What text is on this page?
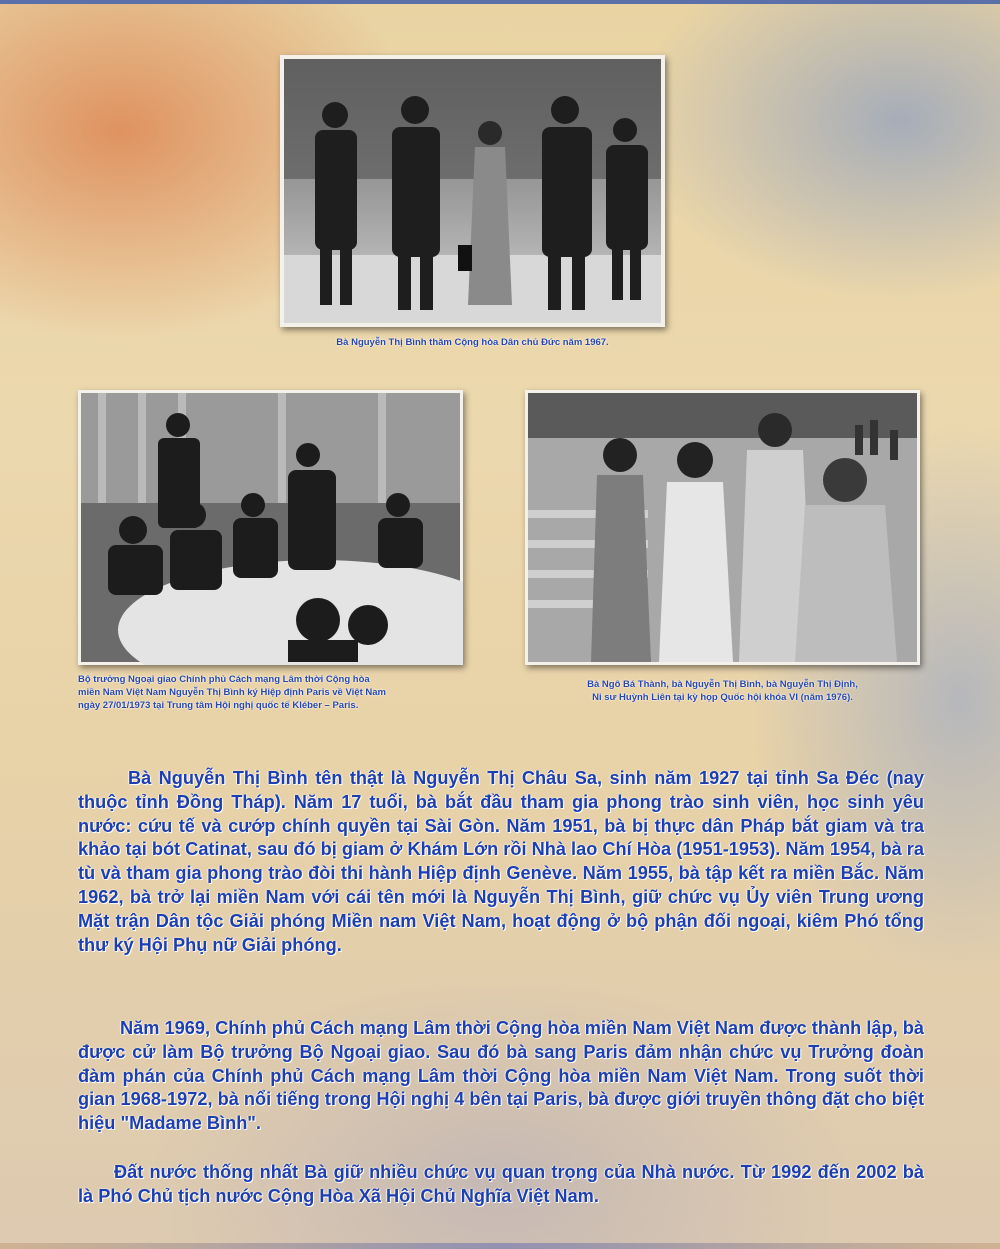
Bà Nguyễn Thị Bình thăm Cộng hòa Dân chủ Đức năm 1967.
Bộ trưởng Ngoại giao Chính phủ Cách mạng Lâm thời Cộng hòa
miền Nam Việt Nam Nguyễn Thị Bình ký Hiệp định Paris về Việt Nam
ngày 27/01/1973 tại Trung tâm Hội nghị quốc tế Kléber – Paris.
Bà Ngô Bá Thành, bà Nguyễn Thị Bình, bà Nguyễn Thị Định,
Ni sư Huỳnh Liên tại kỳ họp Quốc hội khóa VI (năm 1976).

Bà Nguyễn Thị Bình tên thật là Nguyễn Thị Châu Sa, sinh năm 1927 tại tỉnh Sa Đéc (nay thuộc tỉnh Đồng Tháp). Năm 17 tuổi, bà bắt đầu tham gia phong trào sinh viên, học sinh yêu nước: cứu tế và cướp chính quyền tại Sài Gòn. Năm 1951, bà bị thực dân Pháp bắt giam và tra khảo tại bót Catinat, sau đó bị giam ở Khám Lớn rồi Nhà lao Chí Hòa (1951-1953). Năm 1954, bà ra tù và tham gia phong trào đòi thi hành Hiệp định Genève. Năm 1955, bà tập kết ra miền Bắc. Năm 1962, bà trở lại miền Nam với cái tên mới là Nguyễn Thị Bình, giữ chức vụ Ủy viên Trung ương Mặt trận Dân tộc Giải phóng Miền nam Việt Nam, hoạt động ở bộ phận đối ngoại, kiêm Phó tổng thư ký Hội Phụ nữ Giải phóng.

Năm 1969, Chính phủ Cách mạng Lâm thời Cộng hòa miền Nam Việt Nam được thành lập, bà được cử làm Bộ trưởng Bộ Ngoại giao. Sau đó bà sang Paris đảm nhận chức vụ Trưởng đoàn đàm phán của Chính phủ Cách mạng Lâm thời Cộng hòa miền Nam Việt Nam. Trong suốt thời gian 1968-1972, bà nổi tiếng trong Hội nghị 4 bên tại Paris, bà được giới truyền thông đặt cho biệt hiệu "Madame Bình".

Đất nước thống nhất Bà giữ nhiều chức vụ quan trọng của Nhà nước. Từ 1992 đến 2002 bà là Phó Chủ tịch nước Cộng Hòa Xã Hội Chủ Nghĩa Việt Nam.
